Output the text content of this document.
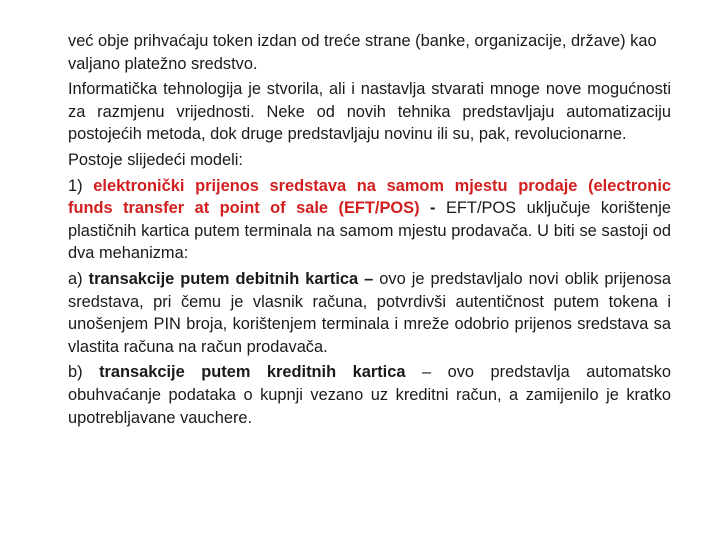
već obje prihvaćaju token izdan od treće strane (banke, organizacije, države) kao valjano platežno sredstvo.

Informatička tehnologija je stvorila, ali i nastavlja stvarati mnoge nove mogućnosti za razmjenu vrijednosti. Neke od novih tehnika predstavljaju automatizaciju postojećih metoda, dok druge predstavljaju novinu ili su, pak, revolucionarne.

Postoje slijedeći modeli:

1) elektronički prijenos sredstava na samom mjestu prodaje (electronic funds transfer at point of sale (EFT/POS) - EFT/POS uključuje korištenje plastičnih kartica putem terminala na samom mjestu prodavača. U biti se sastoji od dva mehanizma:

a) transakcije putem debitnih kartica – ovo je predstavljalo novi oblik prijenosa sredstava, pri čemu je vlasnik računa, potvrdivši autentičnost putem tokena i unošenjem PIN broja, korištenjem terminala i mreže odobrio prijenos sredstava sa vlastita računa na račun prodavača.

b) transakcije putem kreditnih kartica – ovo predstavlja automatsko obuhvaćanje podataka o kupnji vezano uz kreditni račun, a zamijenilo je kratko upotrebljavane vauchere.
